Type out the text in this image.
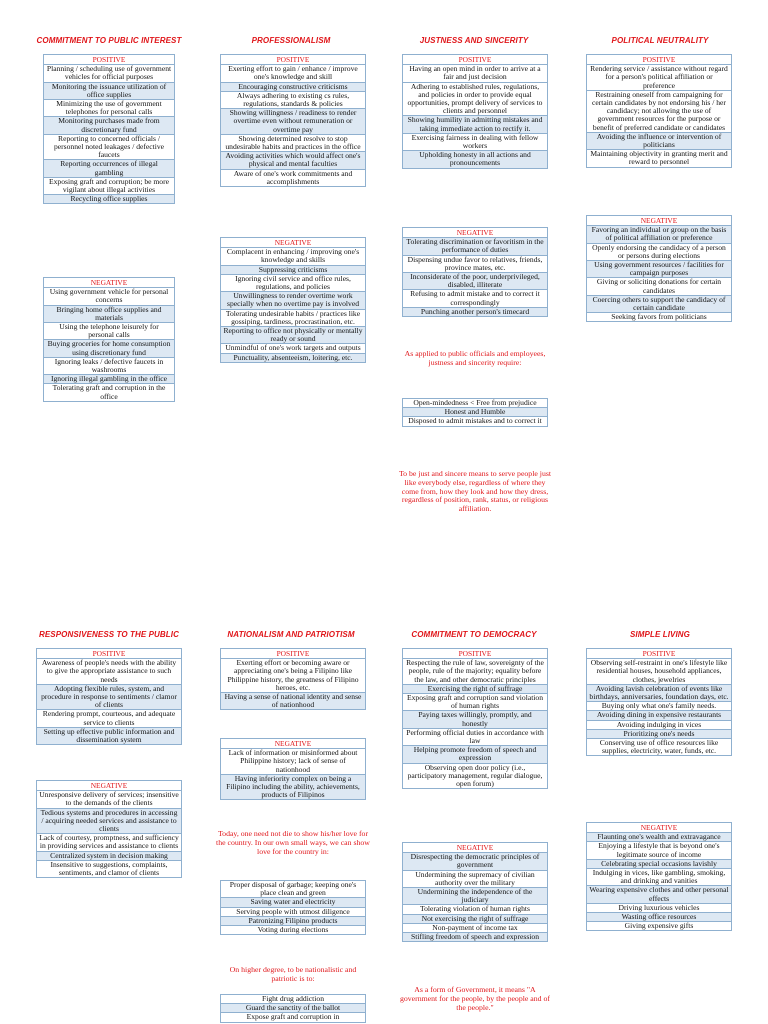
COMMITMENT TO PUBLIC INTEREST	PROFESSIONALISM	JUSTNESS AND SINCERITY	POLITICAL NEUTRALITY
POSITIVE
Planning / scheduling use of government vehicles for official purposes
Monitoring the issuance utilization of office supplies
Minimizing the use of government telephones for personal calls
Monitoring purchases made from discretionary fund
Reporting to concerned officials / personnel noted leakages / defective faucets
Reporting occurrences of illegal gambling
Exposing graft and corruption; be more vigilant about illegal activities
Recycling office supplies
NEGATIVE
Using government vehicle for personal concerns
Bringing home office supplies and materials
Using the telephone leisurely for personal calls
Buying groceries for home consumption using discretionary fund
Ignoring leaks / defective faucets in washrooms
Ignoring illegal gambling in the office
Tolerating graft and corruption in the office
POSITIVE
Exerting effort to gain / enhance / improve one's knowledge and skill
Encouraging constructive criticisms
Always adhering to existing cs rules, regulations, standards & policies
Showing willingness / readiness to render overtime even without remuneration or overtime pay
Showing determined resolve to stop undesirable habits and practices in the office
Avoiding activities which would affect one's physical and mental faculties
Aware of one's work commitments and accomplishments
NEGATIVE
Complacent in enhancing / improving one's knowledge and skills
Suppressing criticisms
Ignoring civil service and office rules, regulations, and policies
Unwillingness to render overtime work specially when no overtime pay is involved
Tolerating undesirable habits / practices like gossiping, tardiness, procrastination, etc.
Reporting to office not physically or mentally ready or sound
Unmindful of one's work targets and outputs
Punctuality, absenteeism, loitering, etc.
POSITIVE
Having an open mind in order to arrive at a fair and just decision
Adhering to established rules, regulations, and policies in order to provide equal opportunities, prompt delivery of services to clients and personnel
Showing humility in admitting mistakes and taking immediate action to rectify it.
Exercising fairness in dealing with fellow workers
Upholding honesty in all actions and pronouncements
NEGATIVE
Tolerating discrimination or favoritism in the performance of duties
Dispensing undue favor to relatives, friends, province mates, etc.
Inconsiderate of the poor, underprivileged, disabled, illiterate
Refusing to admit mistake and to correct it correspondingly
Punching another person's timecard
As applied to public officials and employees, justness and sincerity require:
Open-mindedness < Free from prejudice
Honest and Humble
Disposed to admit mistakes and to correct it
To be just and sincere means to serve people just like everybody else, regardless of where they come from, how they look and how they dress, regardless of position, rank, status, or religious affiliation.
POSITIVE
Rendering service / assistance without regard for a person's political affiliation or preference
Restraining oneself from campaigning for certain candidates by not endorsing his / her candidacy; not allowing the use of government resources for the purpose or benefit of preferred candidate or candidates
Avoiding the influence or intervention of politicians
Maintaining objectivity in granting merit and reward to personnel
NEGATIVE
Favoring an individual or group on the basis of political affiliation or preference
Openly endorsing the candidacy of a person or persons during elections
Using government resources / facilities for campaign purposes
Giving or soliciting donations for certain candidates
Coercing others to support the candidacy of certain candidate
Seeking favors from politicians
RESPONSIVENESS TO THE PUBLIC	NATIONALISM AND PATRIOTISM	COMMITMENT TO DEMOCRACY	SIMPLE LIVING
POSITIVE
Awareness of people's needs with the ability to give the appropriate assistance to such needs
Adopting flexible rules, system, and procedure in response to sentiments / clamor of clients
Rendering prompt, courteous, and adequate service to clients
Setting up effective public information and dissemination system
NEGATIVE
Unresponsive delivery of services; insensitive to the demands of the clients
Tedious systems and procedures in accessing / acquiring needed services and assistance to clients
Lack of courtesy, promptness, and sufficiency in providing services and assistance to clients
Centralized system in decision making
Insensitive to suggestions, complaints, sentiments, and clamor of clients
POSITIVE
Exerting effort or becoming aware or appreciating one's being a Filipino like Philippine history, the greatness of Filipino heroes, etc.
Having a sense of national identity and sense of nationhood
NEGATIVE
Lack of information or misinformed about Philippine history; lack of sense of nationhood
Having inferiority complex on being a Filipino including the ability, achievements, products of Filipinos
Today, one need not die to show his/her love for the country. In our own small ways, we can show love for the country in:
Proper disposal of garbage; keeping one's place clean and green
Saving water and electricity
Serving people with utmost diligence
Patronizing Filipino products
Voting during elections
On higher degree, to be nationalistic and patriotic is to:
Fight drug addiction
Guard the sanctity of the ballot
Expose graft and corruption in
POSITIVE
Respecting the rule of law, sovereignty of the people, rule of the majority; equality before the law, and other democratic principles
Exercising the right of suffrage
Exposing graft and corruption sand violation of human rights
Paying taxes willingly, promptly, and honestly
Performing official duties in accordance with law
Helping promote freedom of speech and expression
Observing open door policy (i.e., participatory management, regular dialogue, open forum)
NEGATIVE
Disrespecting the democratic principles of government
Undermining the supremacy of civilian authority over the military
Undermining the independence of the judiciary
Tolerating violation of human rights
Not exercising the right of suffrage
Non-payment of income tax
Stifling freedom of speech and expression
As a form of Government, it means "A government for the people, by the people and of the people."
POSITIVE
Observing self-restraint in one's lifestyle like residential houses, household appliances, clothes, jewelries
Avoiding lavish celebration of events like birthdays, anniversaries, foundation days, etc.
Buying only what one's family needs.
Avoiding dining in expensive restaurants
Avoiding indulging in vices
Prioritizing one's needs
Conserving use of office resources like supplies, electricity, water, funds, etc.
NEGATIVE
Flaunting one's wealth and extravagance
Enjoying a lifestyle that is beyond one's legitimate source of income
Celebrating special occasions lavishly
Indulging in vices, like gambling, smoking, and drinking and vanities
Wearing expensive clothes and other personal effects
Driving luxurious vehicles
Wasting office resources
Giving expensive gifts
